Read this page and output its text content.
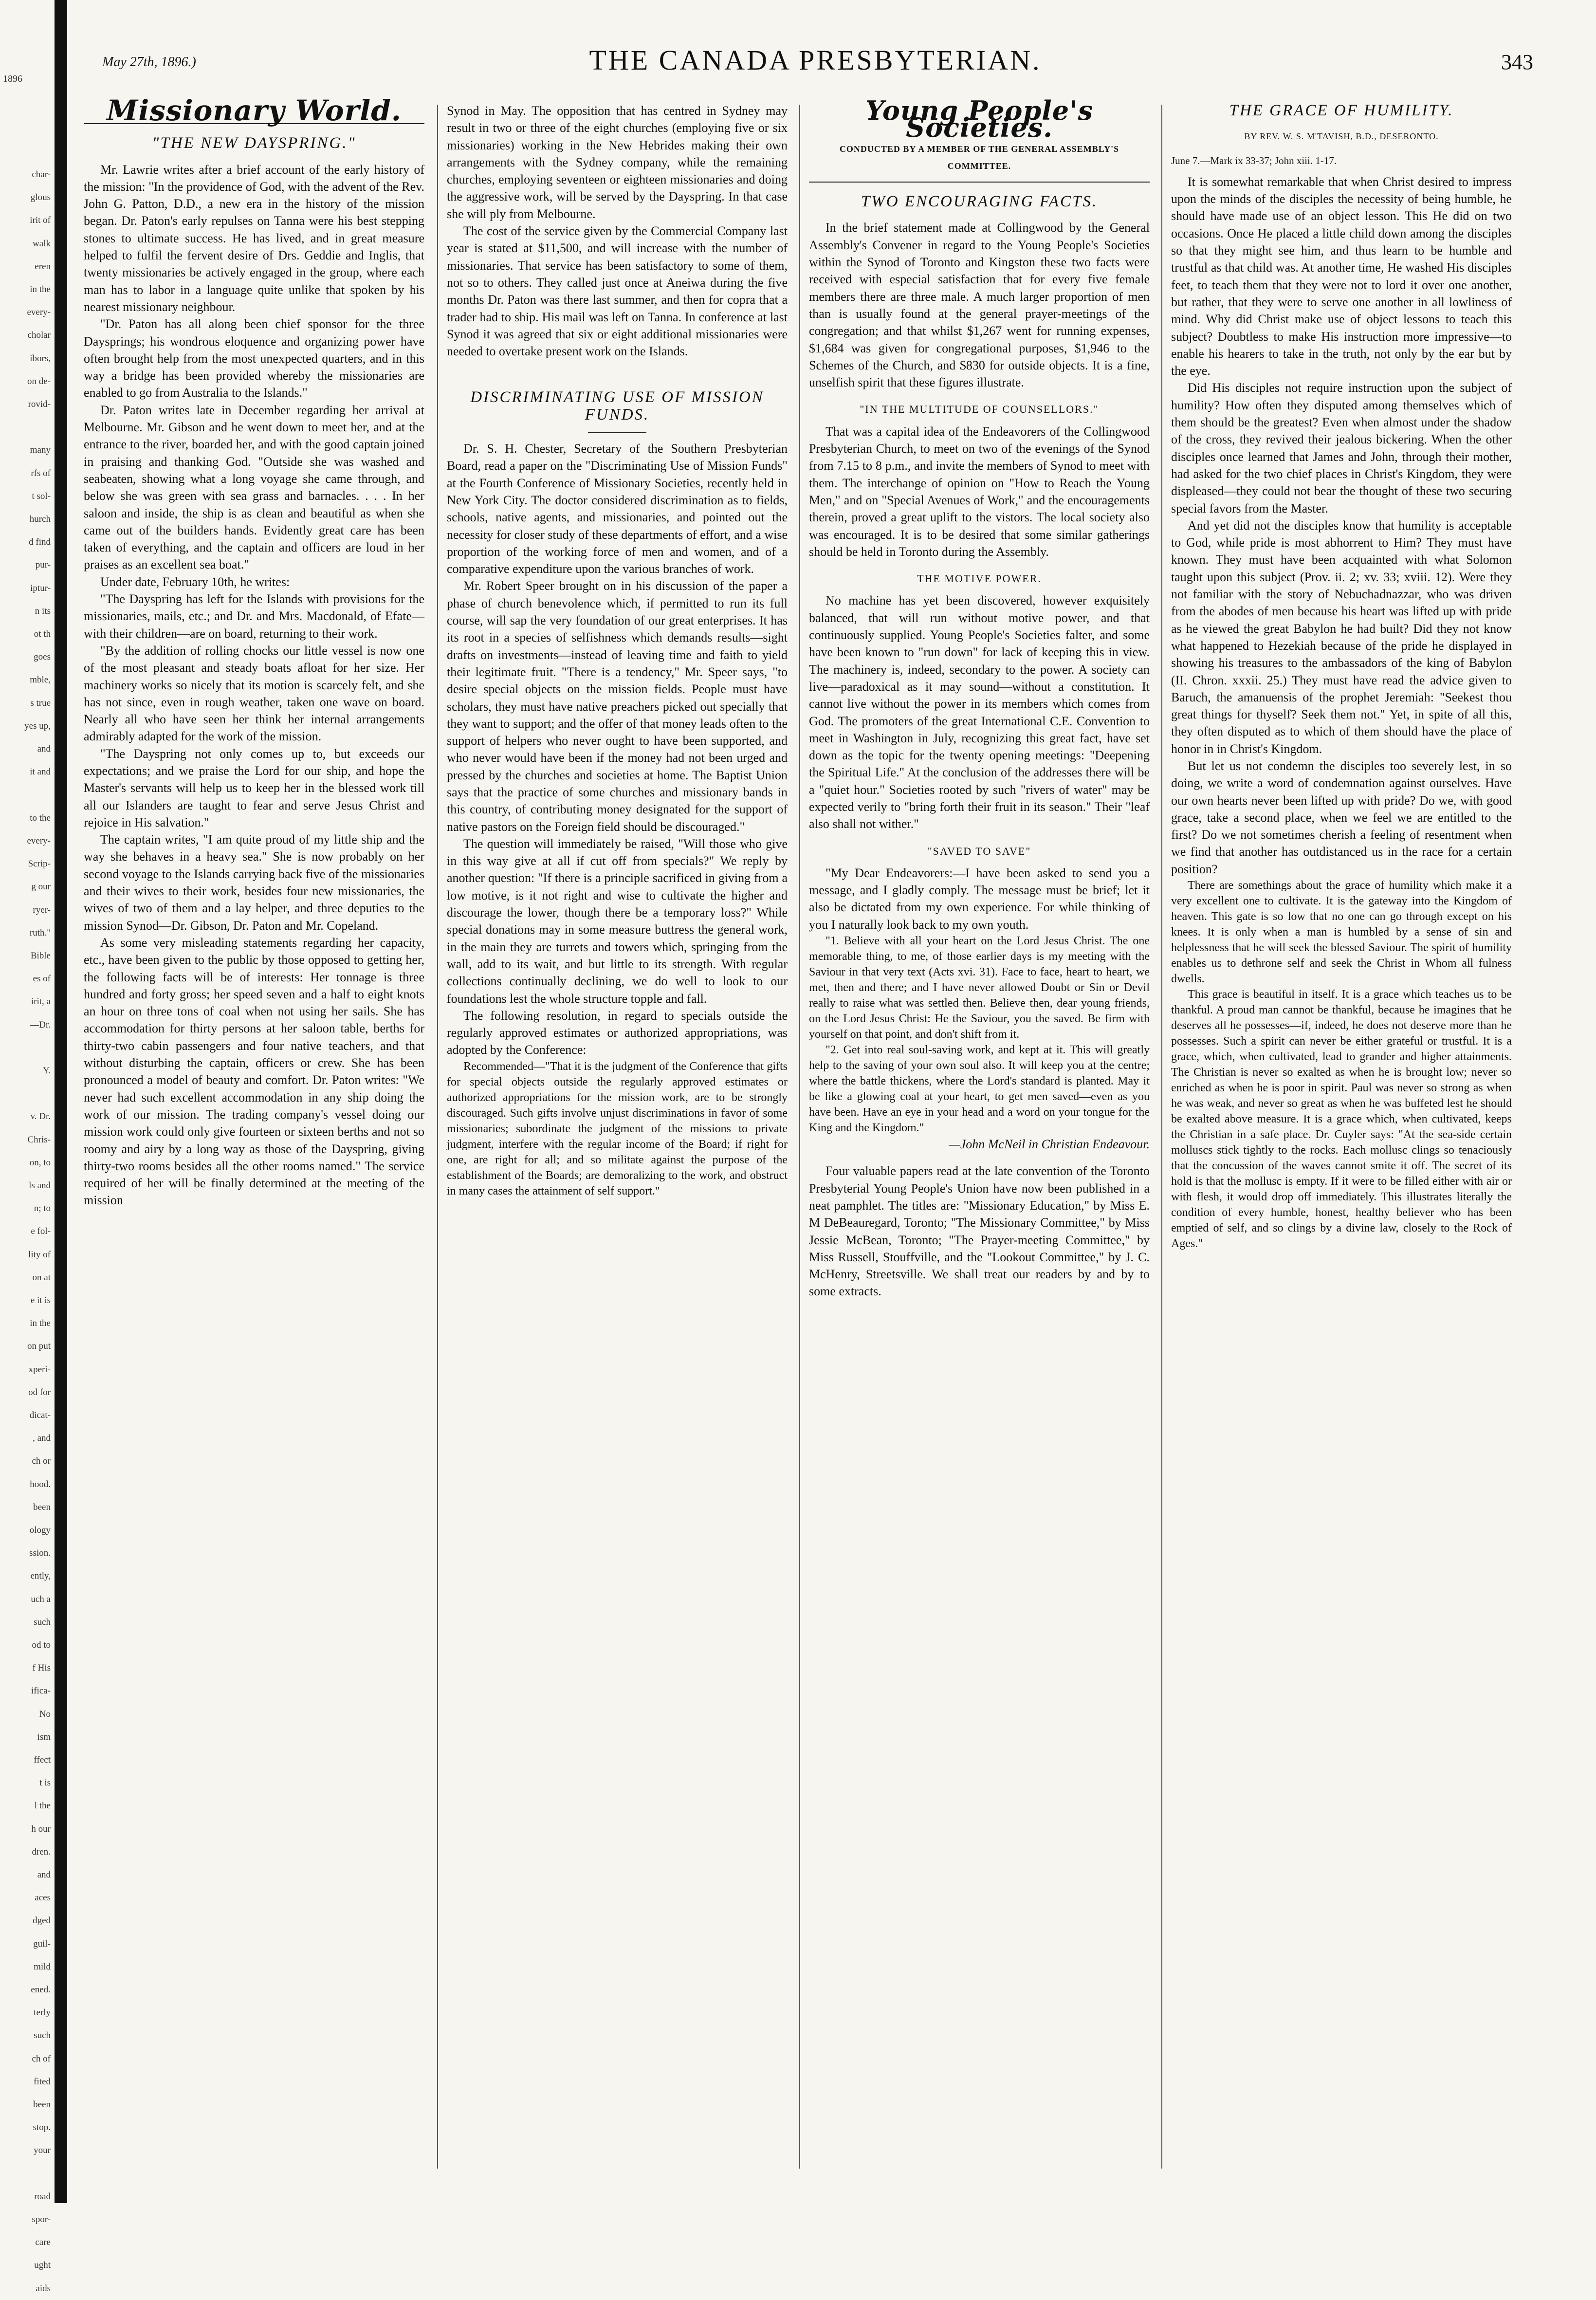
1896
char-
glous
irit of
walk
eren
in the
every-
cholar
ibors,
on de-
rovid-

many
rfs of
t sol-
hurch
d find
pur-
iptur-
n its
ot th
goes
mble,
s true
yes up,
and
it and

to the
every-
Scrip-
g our
ryer-
ruth."
Bible
es of
irit, a
—Dr.

Y.

v. Dr.
Chris-
on, to
ls and
n; to
e fol-
lity of
on at
e it is
in the
on put
xperi-
od for
dicat-
, and
ch or
hood.
been
ology
ssion.
ently,
uch a
such
od to
f His
ifica-
No
ism
ffect
t is
l the
h our
dren.
and
aces
dged
guil-
mild
ened.
terly
such
ch of
fited
been
stop.
your

road
spor-
care
ught
aids
May 27th, 1896.)	THE CANADA PRESBYTERIAN.	343
Missionary World.
"THE NEW DAYSPRING."

Mr. Lawrie writes after a brief account of the early history of the mission: "In the providence of God, with the advent of the Rev. John G. Patton, D.D., a new era in the history of the mission began. Dr. Paton's early repulses on Tanna were his best stepping stones to ultimate success. He has lived, and in great measure helped to fulfil the fervent desire of Drs. Geddie and Inglis, that twenty missionaries be actively engaged in the group, where each man has to labor in a language quite unlike that spoken by his nearest missionary neighbour.

"Dr. Paton has all along been chief sponsor for the three Daysprings; his wondrous eloquence and organizing power have often brought help from the most unexpected quarters, and in this way a bridge has been provided whereby the missionaries are enabled to go from Australia to the Islands."

Dr. Paton writes late in December regarding her arrival at Melbourne. Mr. Gibson and he went down to meet her, and at the entrance to the river, boarded her, and with the good captain joined in praising and thanking God. "Outside she was washed and seabeaten, showing what a long voyage she came through, and below she was green with sea grass and barnacles. . . . In her saloon and inside, the ship is as clean and beautiful as when she came out of the builders hands. Evidently great care has been taken of everything, and the captain and officers are loud in her praises as an excellent sea boat."

Under date, February 10th, he writes:

"The Dayspring has left for the Islands with provisions for the missionaries, mails, etc.; and Dr. and Mrs. Macdonald, of Efate—with their children—are on board, returning to their work.

"By the addition of rolling chocks our little vessel is now one of the most pleasant and steady boats afloat for her size. Her machinery works so nicely that its motion is scarcely felt, and she has not since, even in rough weather, taken one wave on board. Nearly all who have seen her think her internal arrangements admirably adapted for the work of the mission.

"The Dayspring not only comes up to, but exceeds our expectations; and we praise the Lord for our ship, and hope the Master's servants will help us to keep her in the blessed work till all our Islanders are taught to fear and serve Jesus Christ and rejoice in His salvation."

The captain writes, "I am quite proud of my little ship and the way she behaves in a heavy sea." She is now probably on her second voyage to the Islands carrying back five of the missionaries and their wives to their work, besides four new missionaries, the wives of two of them and a lay helper, and three deputies to the mission Synod—Dr. Gibson, Dr. Paton and Mr. Copeland.

As some very misleading statements regarding her capacity, etc., have been given to the public by those opposed to getting her, the following facts will be of interests: Her tonnage is three hundred and forty gross; her speed seven and a half to eight knots an hour on three tons of coal when not using her sails. She has accommodation for thirty persons at her saloon table, berths for thirty-two cabin passengers and four native teachers, and that without disturbing the captain, officers or crew. She has been pronounced a model of beauty and comfort. Dr. Paton writes: "We never had such excellent accommodation in any ship doing the work of our mission. The trading company's vessel doing our mission work could only give fourteen or sixteen berths and not so roomy and airy by a long way as those of the Dayspring, giving thirty-two rooms besides all the other rooms named." The service required of her will be finally determined at the meeting of the mission

Synod in May. The opposition that has centred in Sydney may result in two or three of the eight churches (employing five or six missionaries) working in the New Hebrides making their own arrangements with the Sydney company, while the remaining churches, employing seventeen or eighteen missionaries and doing the aggressive work, will be served by the Dayspring. In that case she will ply from Melbourne.

The cost of the service given by the Commercial Company last year is stated at $11,500, and will increase with the number of missionaries. That service has been satisfactory to some of them, not so to others. They called just once at Aneiwa during the five months Dr. Paton was there last summer, and then for copra that a trader had to ship. His mail was left on Tanna. In conference at last Synod it was agreed that six or eight additional missionaries were needed to overtake present work on the Islands.

DISCRIMINATING USE OF MISSION FUNDS.

Dr. S. H. Chester, Secretary of the Southern Presbyterian Board, read a paper on the "Discriminating Use of Mission Funds" at the Fourth Conference of Missionary Societies, recently held in New York City. The doctor considered discrimination as to fields, schools, native agents, and missionaries, and pointed out the necessity for closer study of these departments of effort, and a wise proportion of the working force of men and women, and of a comparative expenditure upon the various branches of work.

Mr. Robert Speer brought on in his discussion of the paper a phase of church benevolence which, if permitted to run its full course, will sap the very foundation of our great enterprises. It has its root in a species of selfishness which demands results—sight drafts on investments—instead of leaving time and faith to yield their legitimate fruit. "There is a tendency," Mr. Speer says, "to desire special objects on the mission fields. People must have scholars, they must have native preachers picked out specially that they want to support; and the offer of that money leads often to the support of helpers who never ought to have been supported, and who never would have been if the money had not been urged and pressed by the churches and societies at home. The Baptist Union says that the practice of some churches and missionary bands in this country, of contributing money designated for the support of native pastors on the Foreign field should be discouraged."

The question will immediately be raised, "Will those who give in this way give at all if cut off from specials?" We reply by another question: "If there is a principle sacrificed in giving from a low motive, is it not right and wise to cultivate the higher and discourage the lower, though there be a temporary loss?" While special donations may in some measure buttress the general work, in the main they are turrets and towers which, springing from the wall, add to its wait, and but little to its strength. With regular collections continually declining, we do well to look to our foundations lest the whole structure topple and fall.

The following resolution, in regard to specials outside the regularly approved estimates or authorized appropriations, was adopted by the Conference:

Recommended—"That it is the judgment of the Conference that gifts for special objects outside the regularly approved estimates or authorized appropriations for the mission work, are to be strongly discouraged. Such gifts involve unjust discriminations in favor of some missionaries; subordinate the judgment of the missions to private judgment, interfere with the regular income of the Board; if right for one, are right for all; and so militate against the purpose of the establishment of the Boards; are demoralizing to the work, and obstruct in many cases the attainment of self support."

Young People's Societies.
CONDUCTED BY A MEMBER OF THE GENERAL ASSEMBLY'S COMMITTEE.
TWO ENCOURAGING FACTS.

In the brief statement made at Collingwood by the General Assembly's Convener in regard to the Young People's Societies within the Synod of Toronto and Kingston these two facts were received with especial satisfaction that for every five female members there are three male. A much larger proportion of men than is usually found at the general prayer-meetings of the congregation; and that whilst $1,267 went for running expenses, $1,684 was given for congregational purposes, $1,946 to the Schemes of the Church, and $830 for outside objects. It is a fine, unselfish spirit that these figures illustrate.

"IN THE MULTITUDE OF COUNSELLORS."

That was a capital idea of the Endeavorers of the Collingwood Presbyterian Church, to meet on two of the evenings of the Synod from 7.15 to 8 p.m., and invite the members of Synod to meet with them. The interchange of opinion on "How to Reach the Young Men," and on "Special Avenues of Work," and the encouragements therein, proved a great uplift to the vistors. The local society also was encouraged. It is to be desired that some similar gatherings should be held in Toronto during the Assembly.

THE MOTIVE POWER.

No machine has yet been discovered, however exquisitely balanced, that will run without motive power, and that continuously supplied. Young People's Societies falter, and some have been known to "run down" for lack of keeping this in view. The machinery is, indeed, secondary to the power. A society can live—paradoxical as it may sound—without a constitution. It cannot live without the power in its members which comes from God. The promoters of the great International C.E. Convention to meet in Washington in July, recognizing this great fact, have set down as the topic for the twenty opening meetings: "Deepening the Spiritual Life." At the conclusion of the addresses there will be a "quiet hour." Societies rooted by such "rivers of water" may be expected verily to "bring forth their fruit in its season." Their "leaf also shall not wither."

"SAVED TO SAVE"

"My Dear Endeavorers:—I have been asked to send you a message, and I gladly comply. The message must be brief; let it also be dictated from my own experience. For while thinking of you I naturally look back to my own youth.

"1. Believe with all your heart on the Lord Jesus Christ. The one memorable thing, to me, of those earlier days is my meeting with the Saviour in that very text (Acts xvi. 31). Face to face, heart to heart, we met, then and there; and I have never allowed Doubt or Sin or Devil really to raise what was settled then. Believe then, dear young friends, on the Lord Jesus Christ: He the Saviour, you the saved. Be firm with yourself on that point, and don't shift from it.

"2. Get into real soul-saving work, and kept at it. This will greatly help to the saving of your own soul also. It will keep you at the centre; where the battle thickens, where the Lord's standard is planted. May it be like a glowing coal at your heart, to get men saved—even as you have been. Have an eye in your head and a word on your tongue for the King and the Kingdom."

—John McNeil in Christian Endeavour.

Four valuable papers read at the late convention of the Toronto Presbyterial Young People's Union have now been published in a neat pamphlet. The titles are: "Missionary Education," by Miss E. M DeBeauregard, Toronto; "The Missionary Committee," by Miss Jessie McBean, Toronto; "The Prayer-meeting Committee," by Miss Russell, Stouffville, and the "Lookout Committee," by J. C. McHenry, Streetsville. We shall treat our readers by and by to some extracts.

THE GRACE OF HUMILITY.
BY REV. W. S. M'TAVISH, B.D., DESERONTO.
June 7.—Mark ix 33-37; John xiii. 1-17.

It is somewhat remarkable that when Christ desired to impress upon the minds of the disciples the necessity of being humble, he should have made use of an object lesson. This He did on two occasions. Once He placed a little child down among the disciples so that they might see him, and thus learn to be humble and trustful as that child was. At another time, He washed His disciples feet, to teach them that they were not to lord it over one another, but rather, that they were to serve one another in all lowliness of mind. Why did Christ make use of object lessons to teach this subject? Doubtless to make His instruction more impressive—to enable his hearers to take in the truth, not only by the ear but by the eye.

Did His disciples not require instruction upon the subject of humility? How often they disputed among themselves which of them should be the greatest? Even when almost under the shadow of the cross, they revived their jealous bickering. When the other disciples once learned that James and John, through their mother, had asked for the two chief places in Christ's Kingdom, they were displeased—they could not bear the thought of these two securing special favors from the Master.

And yet did not the disciples know that humility is acceptable to God, while pride is most abhorrent to Him? They must have known. They must have been acquainted with what Solomon taught upon this subject (Prov. ii. 2; xv. 33; xviii. 12). Were they not familiar with the story of Nebuchadnazzar, who was driven from the abodes of men because his heart was lifted up with pride as he viewed the great Babylon he had built? Did they not know what happened to Hezekiah because of the pride he displayed in showing his treasures to the ambassadors of the king of Babylon (II. Chron. xxxii. 25.) They must have read the advice given to Baruch, the amanuensis of the prophet Jeremiah: "Seekest thou great things for thyself? Seek them not." Yet, in spite of all this, they often disputed as to which of them should have the place of honor in in Christ's Kingdom.

But let us not condemn the disciples too severely lest, in so doing, we write a word of condemnation against ourselves. Have our own hearts never been lifted up with pride? Do we, with good grace, take a second place, when we feel we are entitled to the first? Do we not sometimes cherish a feeling of resentment when we find that another has outdistanced us in the race for a certain position?

There are somethings about the grace of humility which make it a very excellent one to cultivate. It is the gateway into the Kingdom of heaven. This gate is so low that no one can go through except on his knees. It is only when a man is humbled by a sense of sin and helplessness that he will seek the blessed Saviour. The spirit of humility enables us to dethrone self and seek the Christ in Whom all fulness dwells.

This grace is beautiful in itself. It is a grace which teaches us to be thankful. A proud man cannot be thankful, because he imagines that he deserves all he possesses—if, indeed, he does not deserve more than he possesses. Such a spirit can never be either grateful or trustful. It is a grace, which, when cultivated, lead to grander and higher attainments. The Christian is never so exalted as when he is brought low; never so enriched as when he is poor in spirit. Paul was never so strong as when he was weak, and never so great as when he was buffeted lest he should be exalted above measure. It is a grace which, when cultivated, keeps the Christian in a safe place. Dr. Cuyler says: "At the sea-side certain molluscs stick tightly to the rocks. Each mollusc clings so tenaciously that the concussion of the waves cannot smite it off. The secret of its hold is that the mollusc is empty. If it were to be filled either with air or with flesh, it would drop off immediately. This illustrates literally the condition of every humble, honest, healthy believer who has been emptied of self, and so clings by a divine law, closely to the Rock of Ages."
